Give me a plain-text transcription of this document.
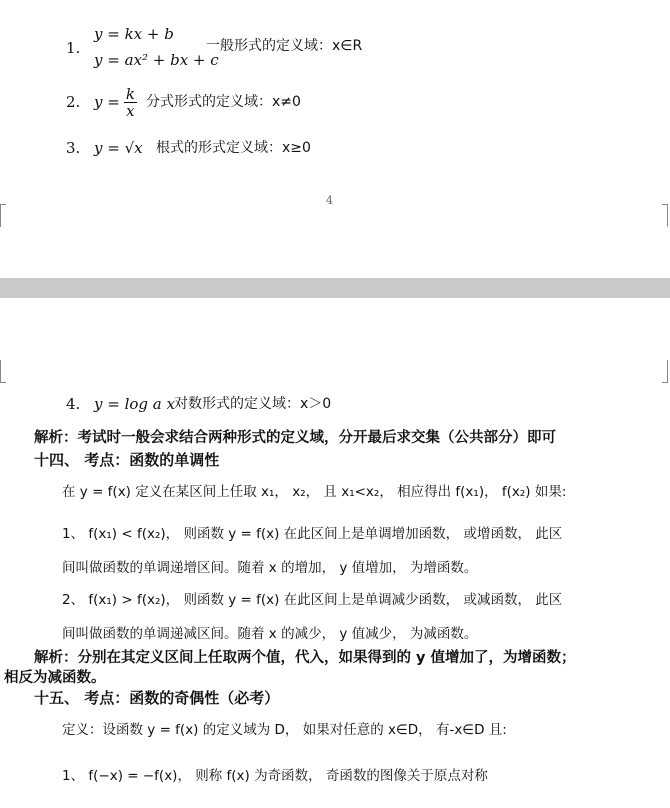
1.
y = kx + b
y = ax² + bx + c
一般形式的定义域：x∈R
2. $y = \frac{k}{x}$ 分式形式的定义域：x≠0
3. y = √x 根式的形式定义域：x≥0
4
4. y = log a x 对数形式的定义域：x＞0
解析：考试时一般会求结合两种形式的定义域，分开最后求交集（公共部分）即可
十四、 考点：函数的单调性
在 y = f(x) 定义在某区间上任取 x₁， x₂， 且 x₁<x₂， 相应得出 f(x₁)， f(x₂) 如果:
1、 f(x₁) < f(x₂)， 则函数 y = f(x) 在此区间上是单调增加函数， 或增函数， 此区
间叫做函数的单调递增区间。随着 x 的增加， y 值增加， 为增函数。
2、 f(x₁) > f(x₂)， 则函数 y = f(x) 在此区间上是单调减少函数， 或减函数， 此区
间叫做函数的单调递减区间。随着 x 的减少， y 值减少， 为减函数。
解析：分别在其定义区间上任取两个值，代入，如果得到的 y 值增加了，为增函数；
相反为减函数。
十五、 考点：函数的奇偶性（必考）
定义：设函数 y = f(x) 的定义域为 D， 如果对任意的 x∈D， 有-x∈D 且:
1、 f(−x) = −f(x)， 则称 f(x) 为奇函数， 奇函数的图像关于原点对称
